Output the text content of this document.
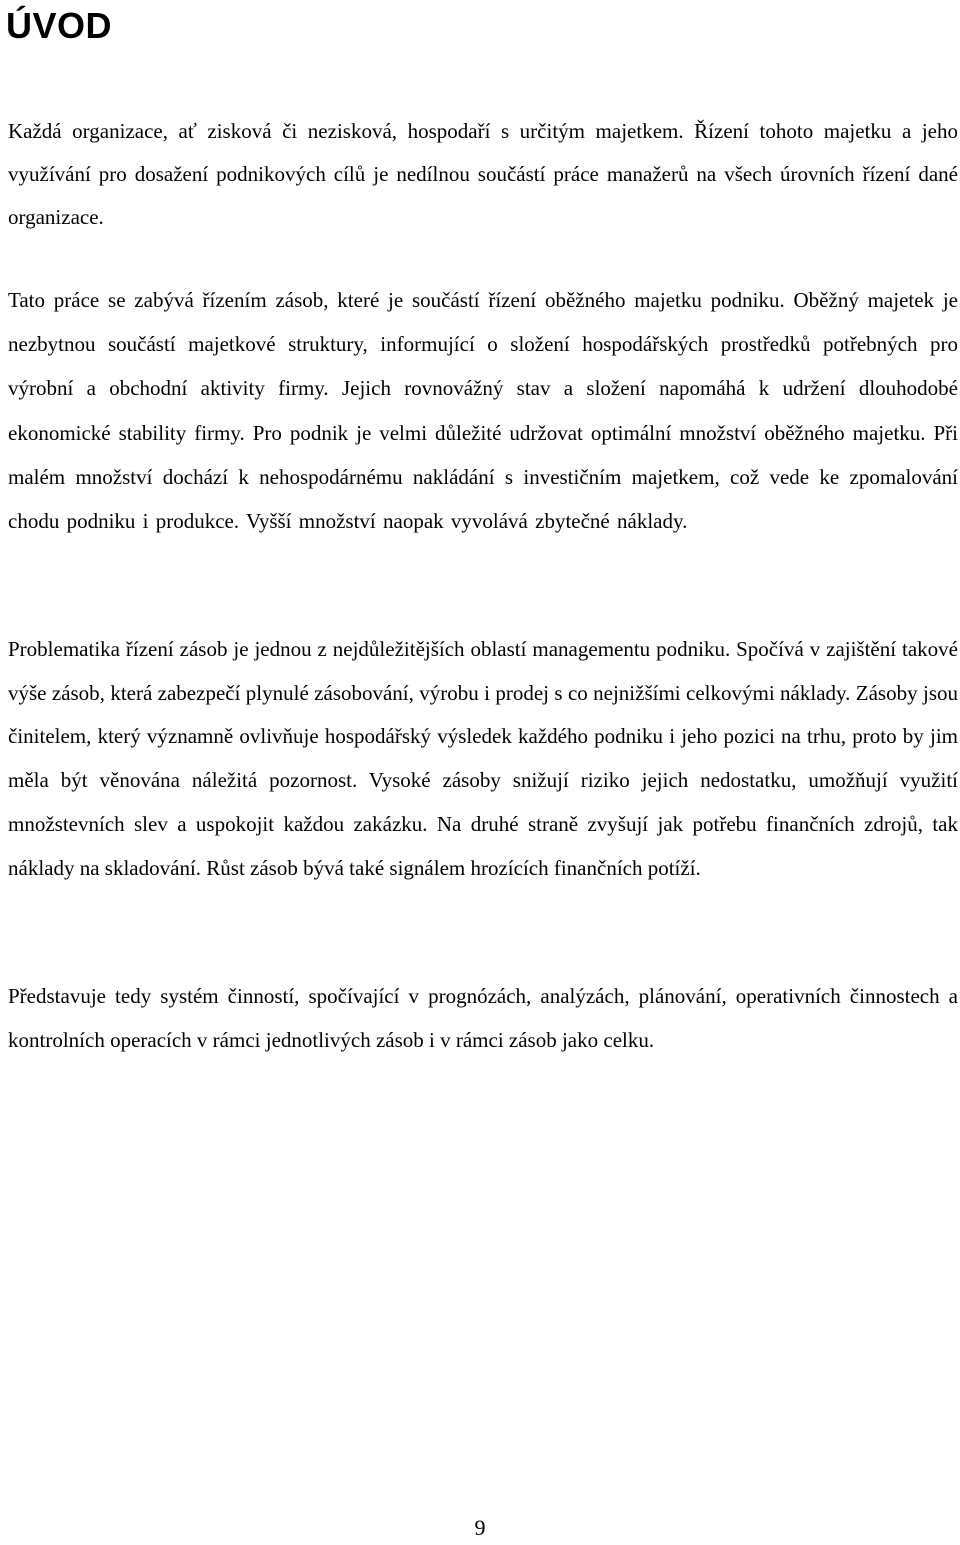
ÚVOD

Každá organizace, ať zisková či nezisková, hospodaří s určitým majetkem. Řízení tohoto majetku a jeho využívání pro dosažení podnikových cílů je nedílnou součástí práce manažerů na všech úrovních řízení dané organizace.

Tato práce se zabývá řízením zásob, které je součástí řízení oběžného majetku podniku. Oběžný majetek je nezbytnou součástí majetkové struktury, informující o složení hospodářských prostředků potřebných pro výrobní a obchodní aktivity firmy. Jejich rovnovážný stav a složení napomáhá k udržení dlouhodobé ekonomické stability firmy. Pro podnik je velmi důležité udržovat optimální množství oběžného majetku. Při malém množství dochází k nehospodárnému nakládání s investičním majetkem, což vede ke zpomalování chodu podniku i produkce. Vyšší množství naopak vyvolává zbytečné náklady.

Problematika řízení zásob je jednou z nejdůležitějších oblastí managementu podniku. Spočívá v zajištění takové výše zásob, která zabezpečí plynulé zásobování, výrobu i prodej s co nejnižšími celkovými náklady. Zásoby jsou činitelem, který významně ovlivňuje hospodářský výsledek každého podniku i jeho pozici na trhu, proto by jim měla být věnována náležitá pozornost. Vysoké zásoby snižují riziko jejich nedostatku, umožňují využití množstevních slev a uspokojit každou zakázku. Na druhé straně zvyšují jak potřebu finančních zdrojů, tak náklady na skladování. Růst zásob bývá také signálem hrozících finančních potíží.

Představuje tedy systém činností, spočívající v prognózách, analýzách, plánování, operativních činnostech a kontrolních operacích v rámci jednotlivých zásob i v rámci zásob jako celku.

9
